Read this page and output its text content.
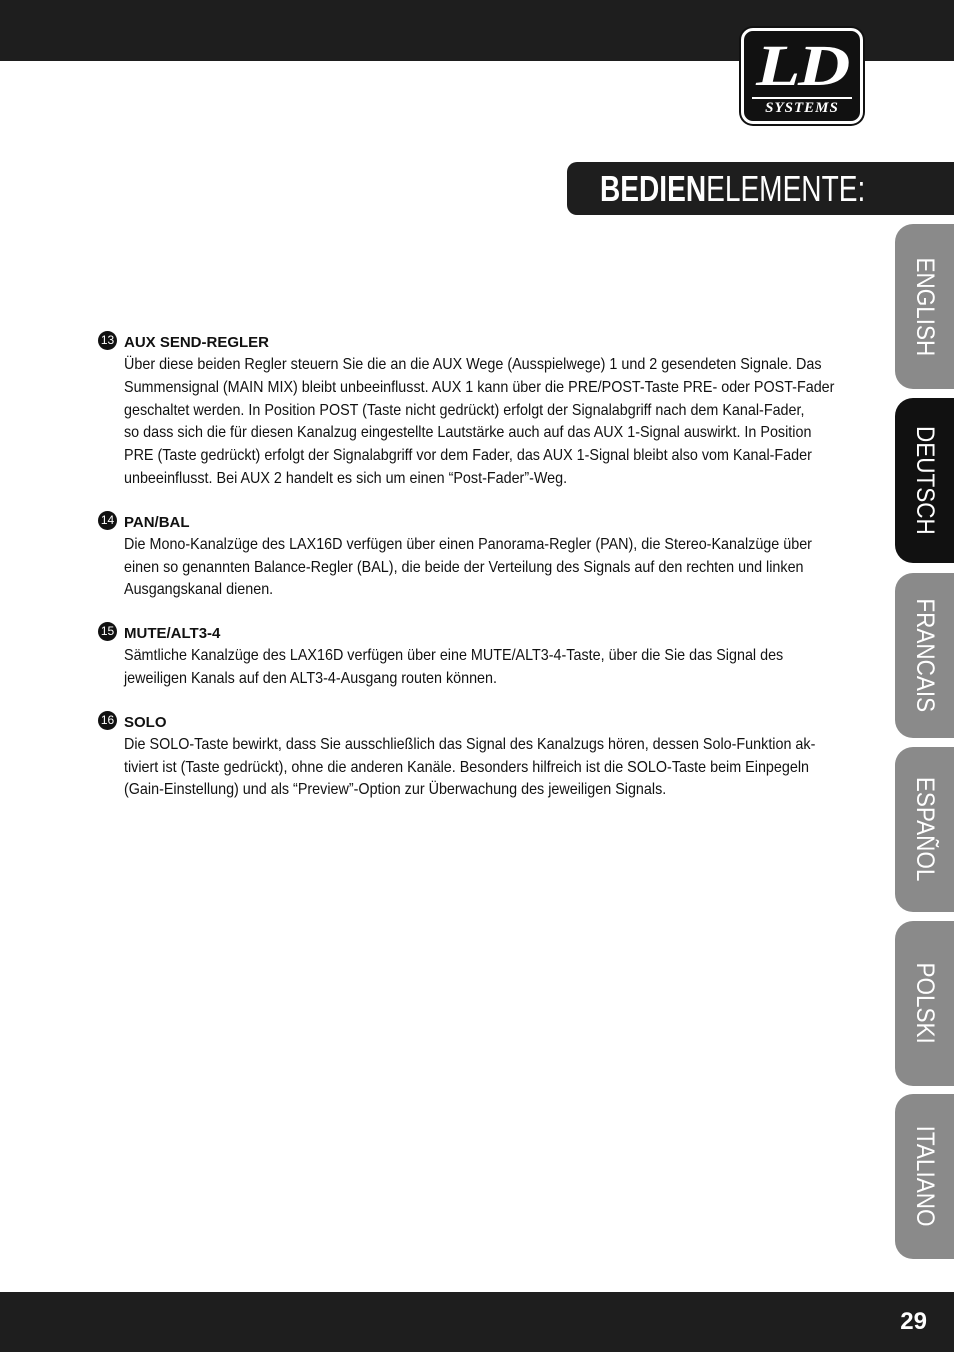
LD
SYSTEMS
BEDIENELEMENTE:
ENGLISH
DEUTSCH
FRANCAIS
ESPAÑOL
POLSKI
ITALIANO
13 AUX SEND-REGLER
Über diese beiden Regler steuern Sie die an die AUX Wege (Ausspielwege) 1 und 2 gesendeten Signale. Das
Summensignal (MAIN MIX) bleibt unbeeinflusst. AUX 1 kann über die PRE/POST-Taste PRE- oder POST-Fader
geschaltet werden. In Position POST (Taste nicht gedrückt) erfolgt der Signalabgriff nach dem Kanal-Fader,
so dass sich die für diesen Kanalzug eingestellte Lautstärke auch auf das AUX 1-Signal auswirkt. In Position
PRE (Taste gedrückt) erfolgt der Signalabgriff vor dem Fader, das AUX 1-Signal bleibt also vom Kanal-Fader
unbeeinflusst. Bei AUX 2 handelt es sich um einen “Post-Fader”-Weg.
14 PAN/BAL
Die Mono-Kanalzüge des LAX16D verfügen über einen Panorama-Regler (PAN), die Stereo-Kanalzüge über
einen so genannten Balance-Regler (BAL), die beide der Verteilung des Signals auf den rechten und linken
Ausgangskanal dienen.
15 MUTE/ALT3-4
Sämtliche Kanalzüge des LAX16D verfügen über eine MUTE/ALT3-4-Taste, über die Sie das Signal des
jeweiligen Kanals auf den ALT3-4-Ausgang routen können.
16 SOLO
Die SOLO-Taste bewirkt, dass Sie ausschließlich das Signal des Kanalzugs hören, dessen Solo-Funktion ak-
tiviert ist (Taste gedrückt), ohne die anderen Kanäle. Besonders hilfreich ist die SOLO-Taste beim Einpegeln
(Gain-Einstellung) und als “Preview”-Option zur Überwachung des jeweiligen Signals.
29
